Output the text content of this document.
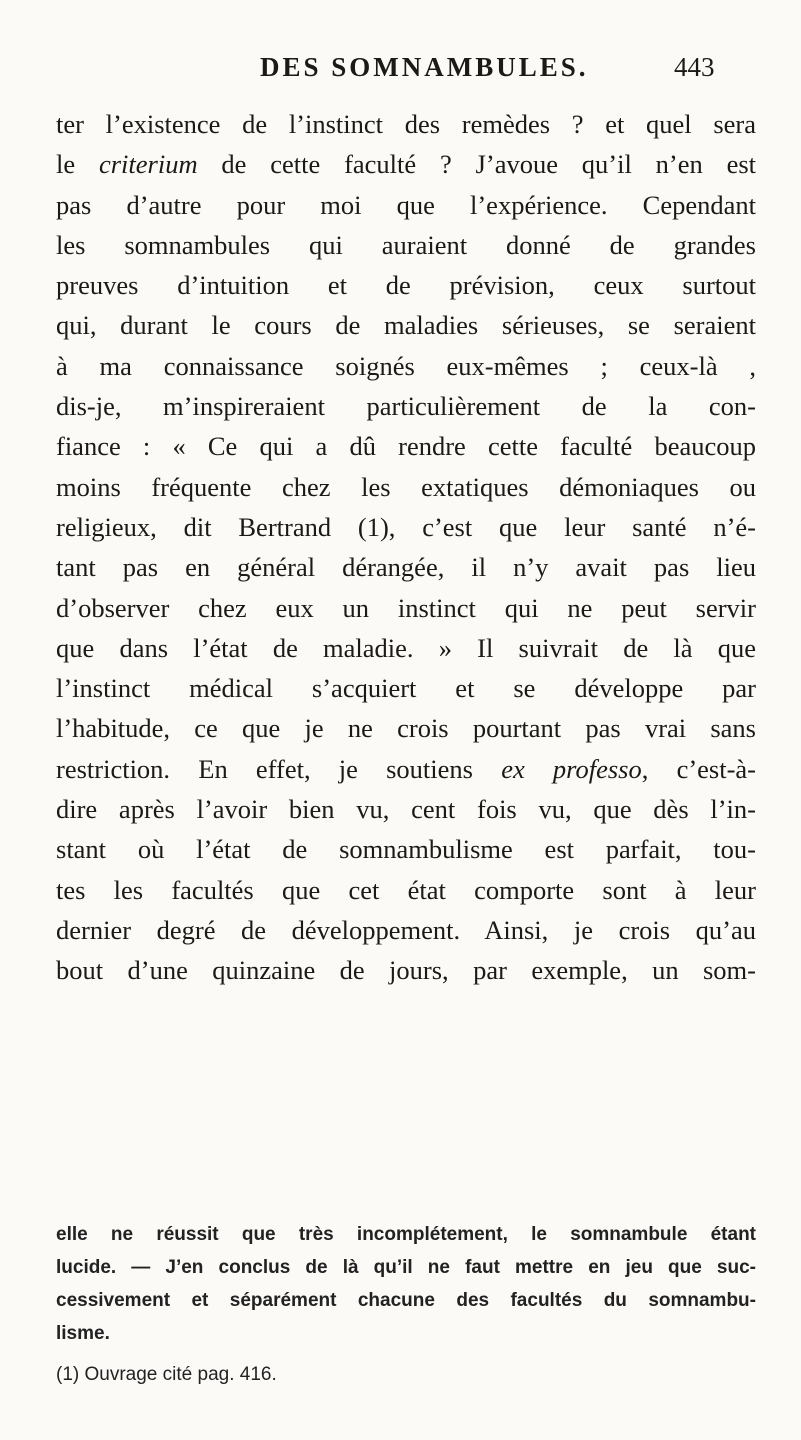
DES SOMNAMBULES.	443
ter l’existence de l’instinct des remèdes ? et quel sera
le criterium de cette faculté ? J’avoue qu’il n’en est
pas d’autre pour moi que l’expérience. Cependant
les somnambules qui auraient donné de grandes
preuves d’intuition et de prévision, ceux surtout
qui, durant le cours de maladies sérieuses, se seraient
à ma connaissance soignés eux-mêmes ; ceux-là ,
dis-je, m’inspireraient particulièrement de la con-
fiance : « Ce qui a dû rendre cette faculté beaucoup
moins fréquente chez les extatiques démoniaques ou
religieux, dit Bertrand (1), c’est que leur santé n’é-
tant pas en général dérangée, il n’y avait pas lieu
d’observer chez eux un instinct qui ne peut servir
que dans l’état de maladie. » Il suivrait de là que
l’instinct médical s’acquiert et se développe par
l’habitude, ce que je ne crois pourtant pas vrai sans
restriction. En effet, je soutiens ex professo, c’est-à-
dire après l’avoir bien vu, cent fois vu, que dès l’in-
stant où l’état de somnambulisme est parfait, tou-
tes les facultés que cet état comporte sont à leur
dernier degré de développement. Ainsi, je crois qu’au
bout d’une quinzaine de jours, par exemple, un som-
elle ne réussit que très incomplétement, le somnambule étant
lucide. — J’en conclus de là qu’il ne faut mettre en jeu que suc-
cessivement et séparément chacune des facultés du somnambu-
lisme.
(1) Ouvrage cité pag. 416.
